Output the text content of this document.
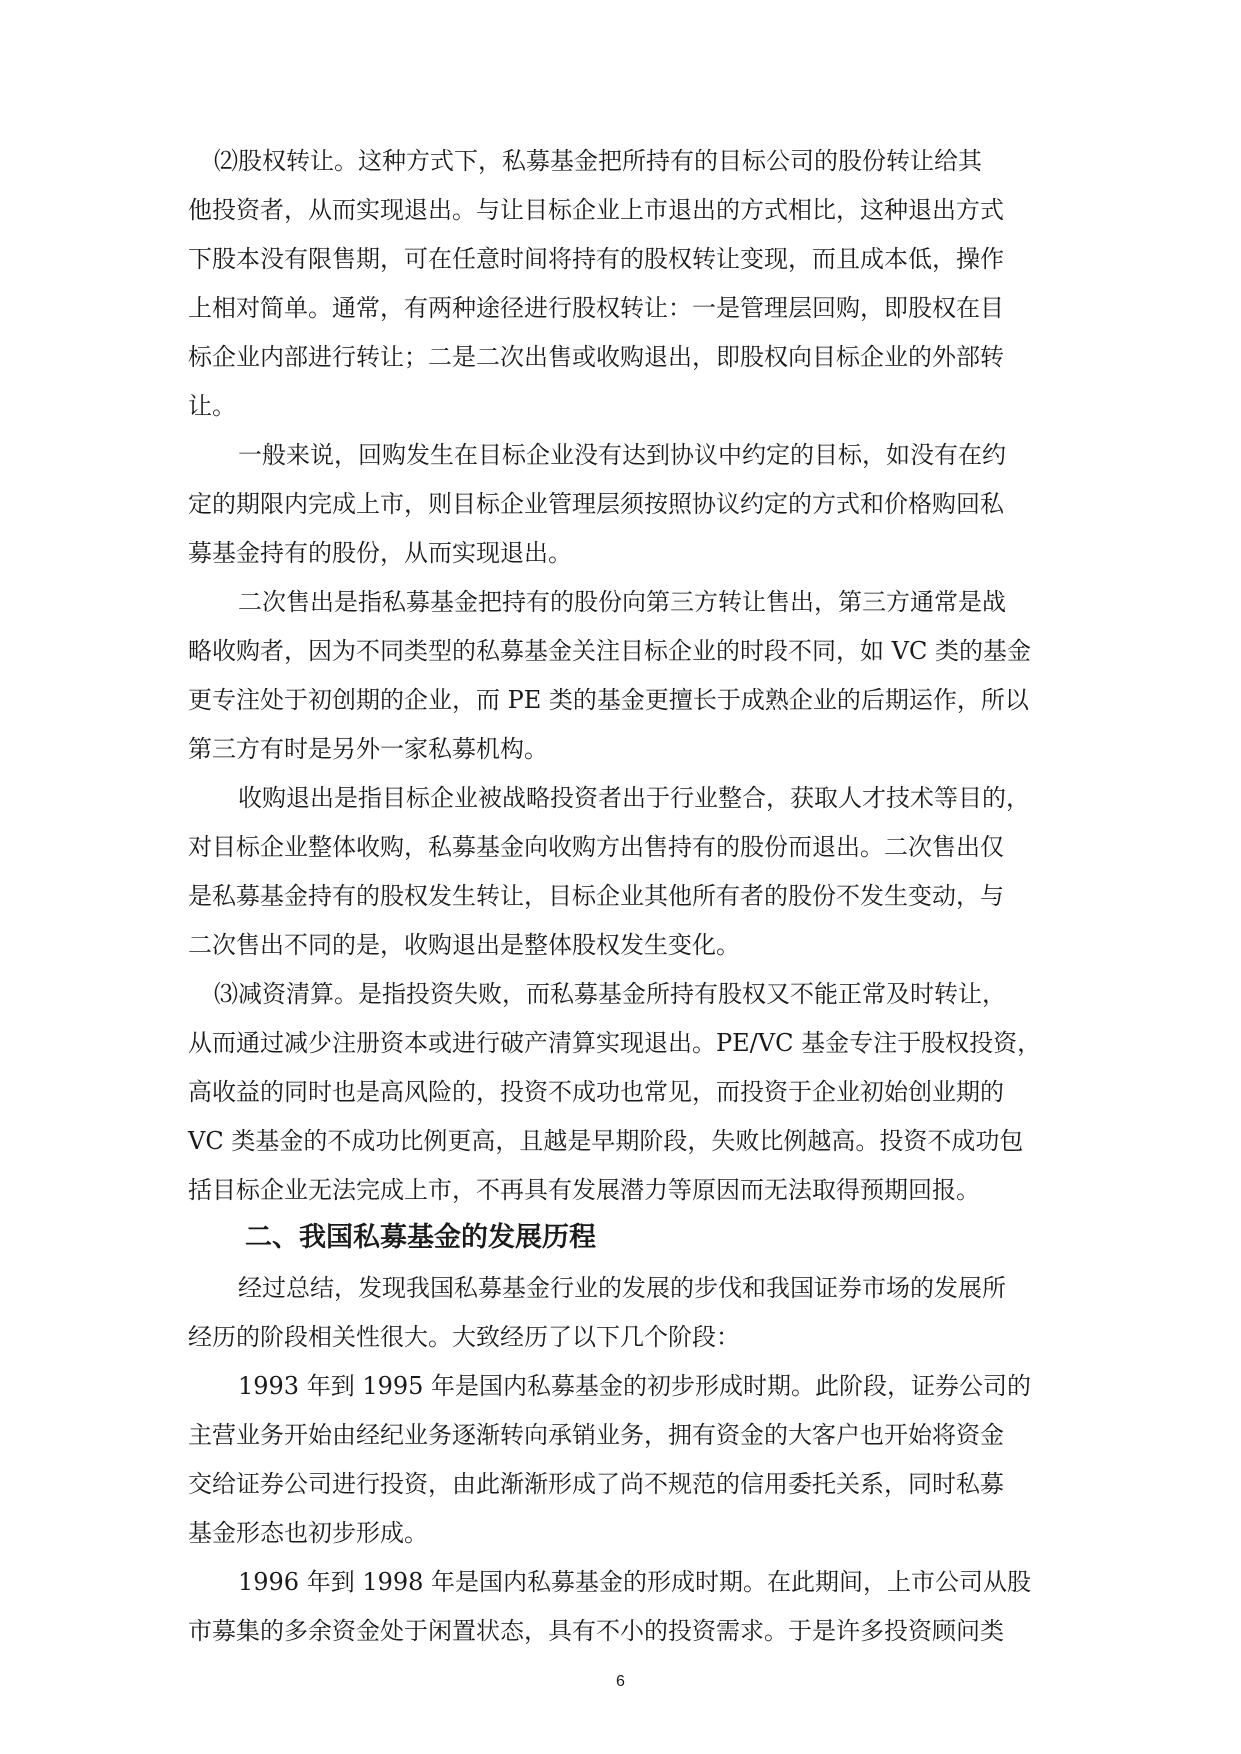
⑵股权转让。这种方式下，私募基金把所持有的目标公司的股份转让给其
他投资者，从而实现退出。与让目标企业上市退出的方式相比，这种退出方式
下股本没有限售期，可在任意时间将持有的股权转让变现，而且成本低，操作
上相对简单。通常，有两种途径进行股权转让：一是管理层回购，即股权在目
标企业内部进行转让；二是二次出售或收购退出，即股权向目标企业的外部转
让。
一般来说，回购发生在目标企业没有达到协议中约定的目标，如没有在约
定的期限内完成上市，则目标企业管理层须按照协议约定的方式和价格购回私
募基金持有的股份，从而实现退出。
二次售出是指私募基金把持有的股份向第三方转让售出，第三方通常是战
略收购者，因为不同类型的私募基金关注目标企业的时段不同，如 VC 类的基金
更专注处于初创期的企业，而 PE 类的基金更擅长于成熟企业的后期运作，所以
第三方有时是另外一家私募机构。
收购退出是指目标企业被战略投资者出于行业整合，获取人才技术等目的，
对目标企业整体收购，私募基金向收购方出售持有的股份而退出。二次售出仅
是私募基金持有的股权发生转让，目标企业其他所有者的股份不发生变动，与
二次售出不同的是，收购退出是整体股权发生变化。
⑶减资清算。是指投资失败，而私募基金所持有股权又不能正常及时转让，
从而通过减少注册资本或进行破产清算实现退出。PE/VC 基金专注于股权投资，
高收益的同时也是高风险的，投资不成功也常见，而投资于企业初始创业期的
VC 类基金的不成功比例更高，且越是早期阶段，失败比例越高。投资不成功包
括目标企业无法完成上市，不再具有发展潜力等原因而无法取得预期回报。
二、我国私募基金的发展历程
经过总结，发现我国私募基金行业的发展的步伐和我国证券市场的发展所
经历的阶段相关性很大。大致经历了以下几个阶段：
1993 年到 1995 年是国内私募基金的初步形成时期。此阶段，证券公司的
主营业务开始由经纪业务逐渐转向承销业务，拥有资金的大客户也开始将资金
交给证券公司进行投资，由此渐渐形成了尚不规范的信用委托关系，同时私募
基金形态也初步形成。
1996 年到 1998 年是国内私募基金的形成时期。在此期间，上市公司从股
市募集的多余资金处于闲置状态，具有不小的投资需求。于是许多投资顾问类
6
